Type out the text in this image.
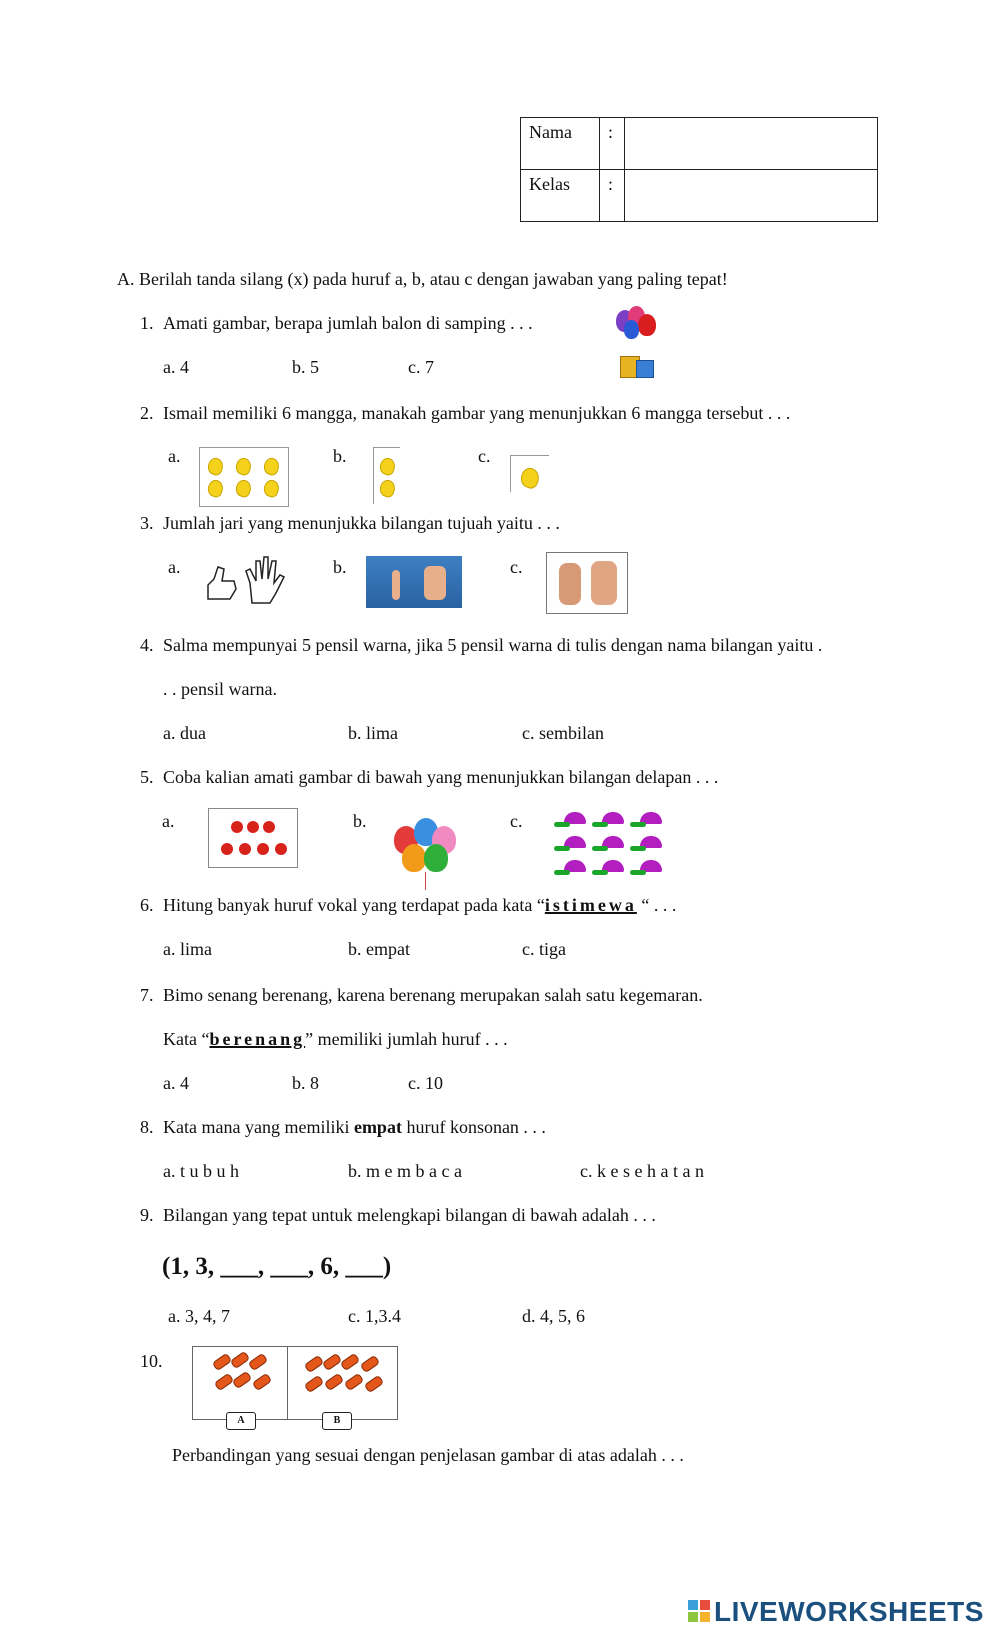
Nama	:	
Kelas	:	
A. Berilah tanda silang (x) pada huruf a, b, atau c dengan jawaban yang paling tepat!
1. Amati gambar, berapa jumlah balon di samping . . .
a. 4	b. 5	c. 7
2. Ismail memiliki 6 mangga, manakah gambar yang menunjukkan 6 mangga tersebut . . .
a.	b.	c.
3. Jumlah jari yang menunjukka bilangan tujuah yaitu . . .
a.	b.	c.
4. Salma mempunyai 5 pensil warna, jika 5 pensil warna di tulis dengan nama bilangan yaitu .
. . pensil warna.
a. dua	b. lima	c. sembilan
5. Coba kalian amati gambar di bawah yang menunjukkan bilangan delapan . . .
a.	b.	c.
6. Hitung banyak huruf vokal yang terdapat pada kata “istimewa “ . . .
a. lima	b. empat	c. tiga
7. Bimo senang berenang, karena berenang merupakan salah satu kegemaran.
Kata “berenang” memiliki jumlah huruf . . .
a. 4	b. 8	c. 10
8. Kata mana yang memiliki empat huruf konsonan . . .
a. t u b u h	b. m e m b a c a	c. k e s e h a t a n
9. Bilangan yang tepat untuk melengkapi bilangan di bawah adalah . . .
(1, 3, ___, ___, 6, ___)
a. 3, 4, 7	c. 1,3.4	d. 4, 5, 6
10.
A	B
Perbandingan yang sesuai dengan penjelasan gambar di atas adalah . . .
LIVEWORKSHEETS
